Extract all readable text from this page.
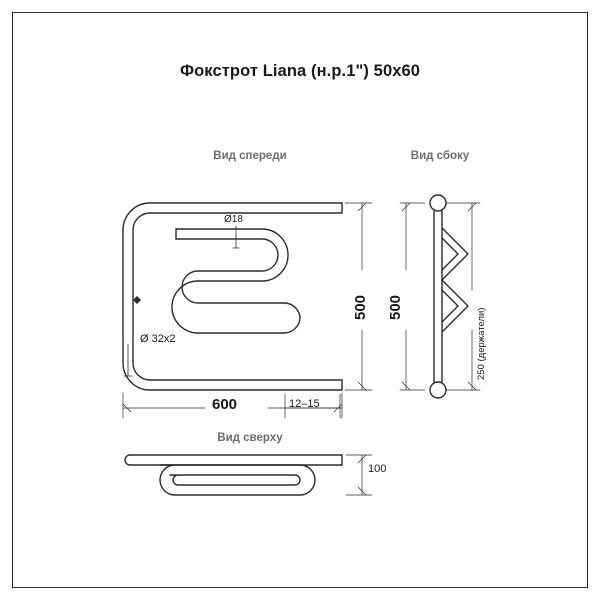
Фокстрот Liana (н.р.1") 50x60
Вид спереди	Вид сбоку
Вид сверху
600
500 500
12–15
100
250 (держатели)
Ø18
Ø 32x2
